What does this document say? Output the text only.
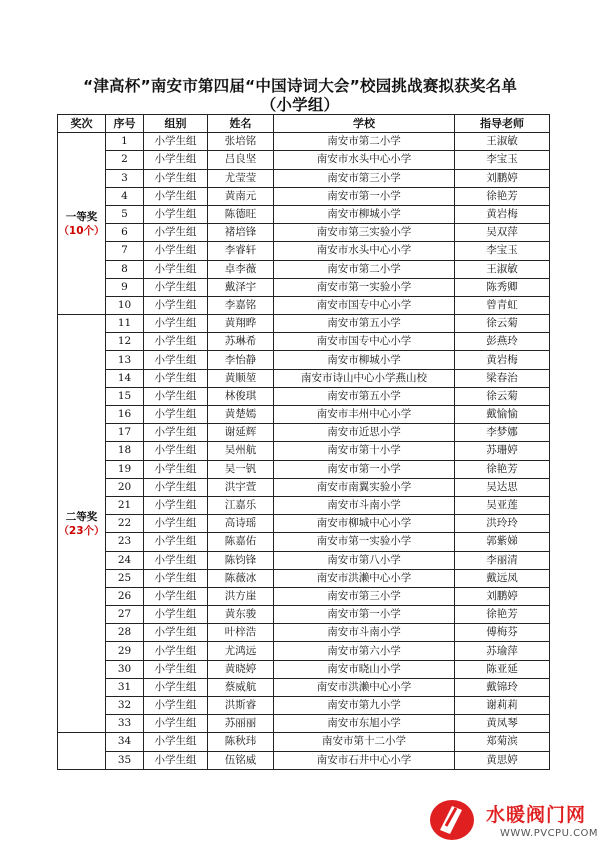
“津高杯”南安市第四届“中国诗词大会”校园挑战赛拟获奖名单
（小学组）
奖次	序号	组别	姓名	学校	指导老师
一等奖
（10个）	1	小学生组	张培铭	南安市第二小学	王淑敏
	2	小学生组	吕良坚	南安市水头中心小学	李宝玉
	3	小学生组	尤莹莹	南安市第三小学	刘鹏婷
	4	小学生组	黄南元	南安市第一小学	徐艳芳
	5	小学生组	陈德旺	南安市柳城小学	黄岩梅
	6	小学生组	褚培锋	南安市第三实验小学	吴双萍
	7	小学生组	李睿轩	南安市水头中心小学	李宝玉
	8	小学生组	卓李薇	南安市第二小学	王淑敏
	9	小学生组	戴泽宇	南安市第一实验小学	陈秀卿
	10	小学生组	李嘉铭	南安市国专中心小学	曾青虹
二等奖
（23个）	11	小学生组	黄翔晔	南安市第五小学	徐云菊
	12	小学生组	苏琳希	南安市国专中心小学	彭燕玲
	13	小学生组	李怡静	南安市柳城小学	黄岩梅
	14	小学生组	黄顺堃	南安市诗山中心小学燕山校	梁春治
	15	小学生组	林俊琪	南安市第五小学	徐云菊
	16	小学生组	黄楚嫣	南安市丰州中心小学	戴愉愉
	17	小学生组	谢延辉	南安市近思小学	李梦娜
	18	小学生组	吴州航	南安市第十小学	苏珊婷
	19	小学生组	吴一钒	南安市第一小学	徐艳芳
	20	小学生组	洪宇萱	南安市南翼实验小学	吴达思
	21	小学生组	江嘉乐	南安市斗南小学	吴亚莲
	22	小学生组	高诗瑶	南安市柳城中心小学	洪玲玲
	23	小学生组	陈嘉佑	南安市第一实验小学	郭紫娣
	24	小学生组	陈钧锋	南安市第八小学	李丽清
	25	小学生组	陈薇冰	南安市洪濑中心小学	戴远凤
	26	小学生组	洪方崖	南安市第三小学	刘鹏婷
	27	小学生组	黄东骏	南安市第一小学	徐艳芳
	28	小学生组	叶梓浩	南安市斗南小学	傅梅芬
	29	小学生组	尤鸿远	南安市第六小学	苏瑜萍
	30	小学生组	黄晓婷	南安市晓山小学	陈亚延
	31	小学生组	蔡威航	南安市洪濑中心小学	戴锦玲
	32	小学生组	洪斯睿	南安市第九小学	谢莉莉
	33	小学生组	苏丽丽	南安市东旭小学	黄凤琴
	34	小学生组	陈秋玮	南安市第十二小学	郑菊滨
	35	小学生组	伍铭威	南安市石井中心小学	黄思婷
水暖阀门网
WWW.PVCPU.COM
